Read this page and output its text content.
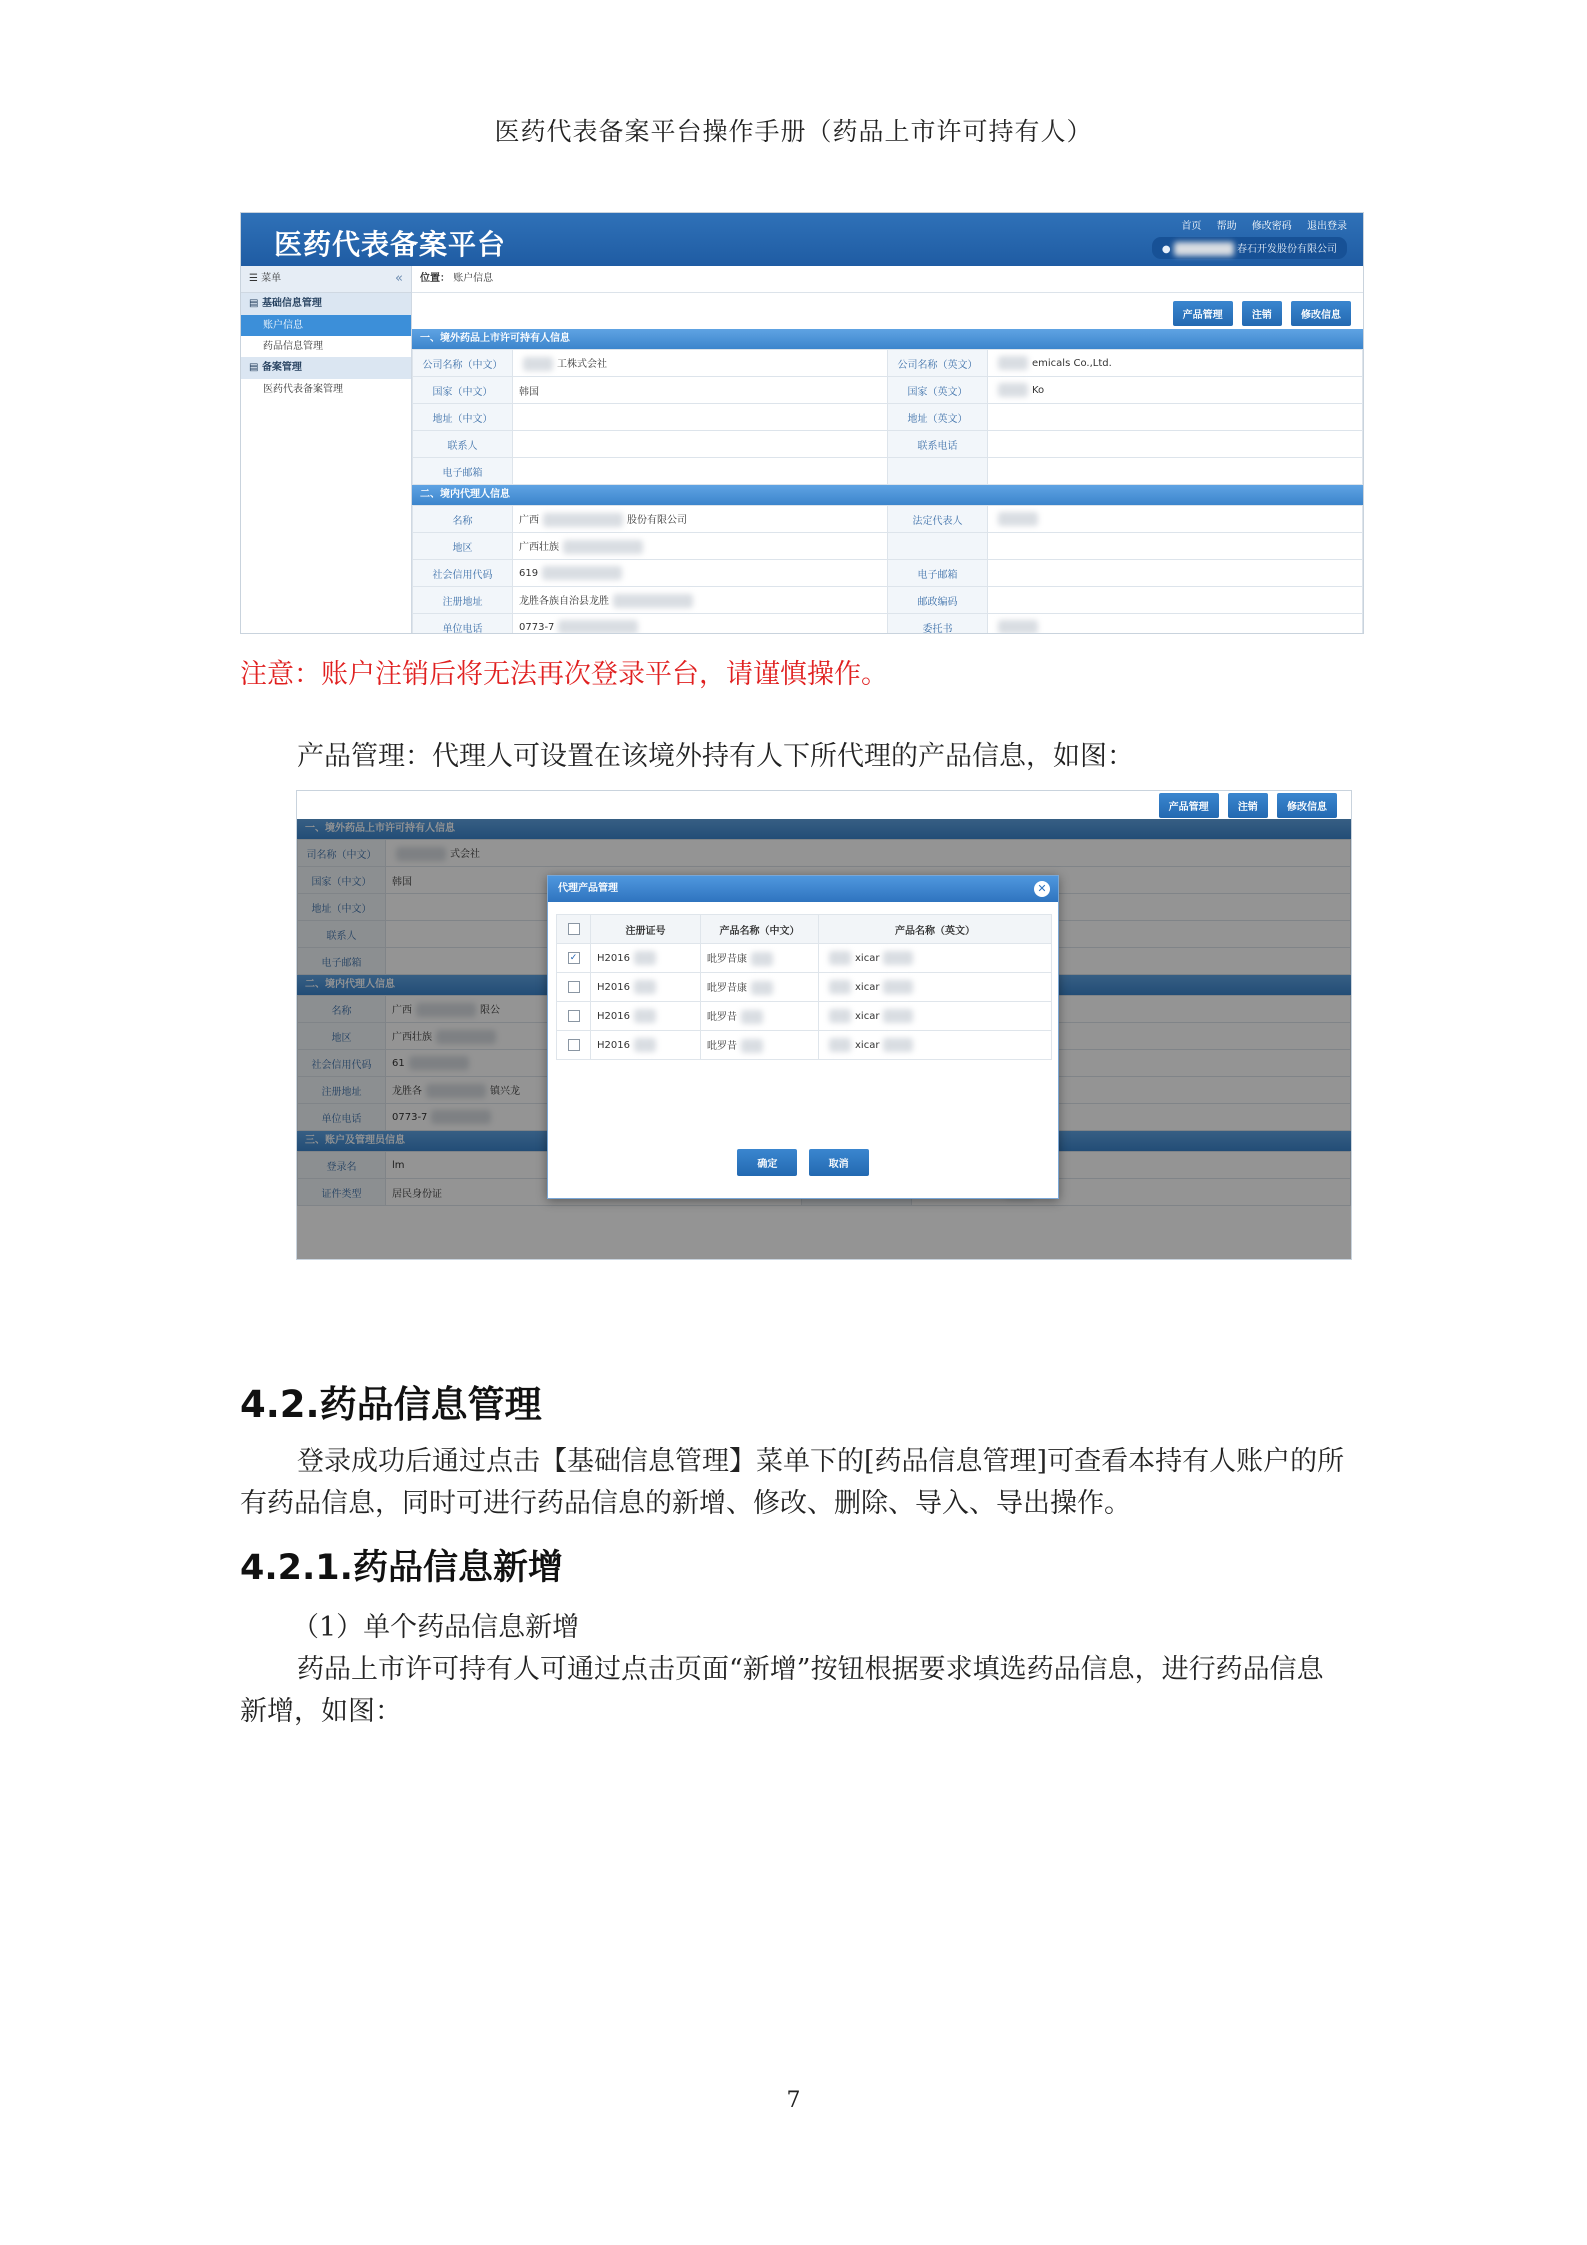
医药代表备案平台操作手册（药品上市许可持有人）
医药代表备案平台
首页 帮助 修改密码 退出登录
●	春石开发股份有限公司
☰ 菜单	«
▤ 基础信息管理
账户信息
药品信息管理
▤ 备案管理
医药代表备案管理
位置： 账户信息
产品管理	注销	修改信息
一、境外药品上市许可持有人信息
公司名称（中文）	工株式会社	公司名称（英文）	emicals Co.,Ltd.
国家（中文）	韩国	国家（英文）	Ko
地址（中文）		地址（英文）	
联系人		联系电话	
电子邮箱			
二、境内代理人信息
名称	广西 股份有限公司	法定代表人	
地区	广西壮族		
社会信用代码	619	电子邮箱	
注册地址	龙胜各族自治县龙胜	邮政编码	
单位电话	0773-7	委托书	
注意：账户注销后将无法再次登录平台，请谨慎操作。
产品管理：代理人可设置在该境外持有人下所代理的产品信息，如图：
产品管理	注销	修改信息
一、境外药品上市许可持有人信息
司名称（中文）	式会社
国家（中文）	韩国
地址（中文）	
联系人	
电子邮箱	
二、境内代理人信息
名称	广西 限公
地区	广西壮族
社会信用代码	61
注册地址	龙胜各 镇兴龙
单位电话	0773-7
三、账户及管理员信息
登录名	lm		
证件类型	居民身份证		
代理产品管理	✕
	注册证号	产品名称（中文）	产品名称（英文）
✓	H2016	吡罗昔康	xicar
	H2016	吡罗昔康	xicar
	H2016	吡罗昔	xicar
	H2016	吡罗昔	xicar
确定	取消
4.2.药品信息管理
登录成功后通过点击【基础信息管理】菜单下的[药品信息管理]可查看本持有人账户的所有药品信息，同时可进行药品信息的新增、修改、删除、导入、导出操作。
4.2.1.药品信息新增
（1）单个药品信息新增
药品上市许可持有人可通过点击页面“新增”按钮根据要求填选药品信息，进行药品信息新增，如图：
7
